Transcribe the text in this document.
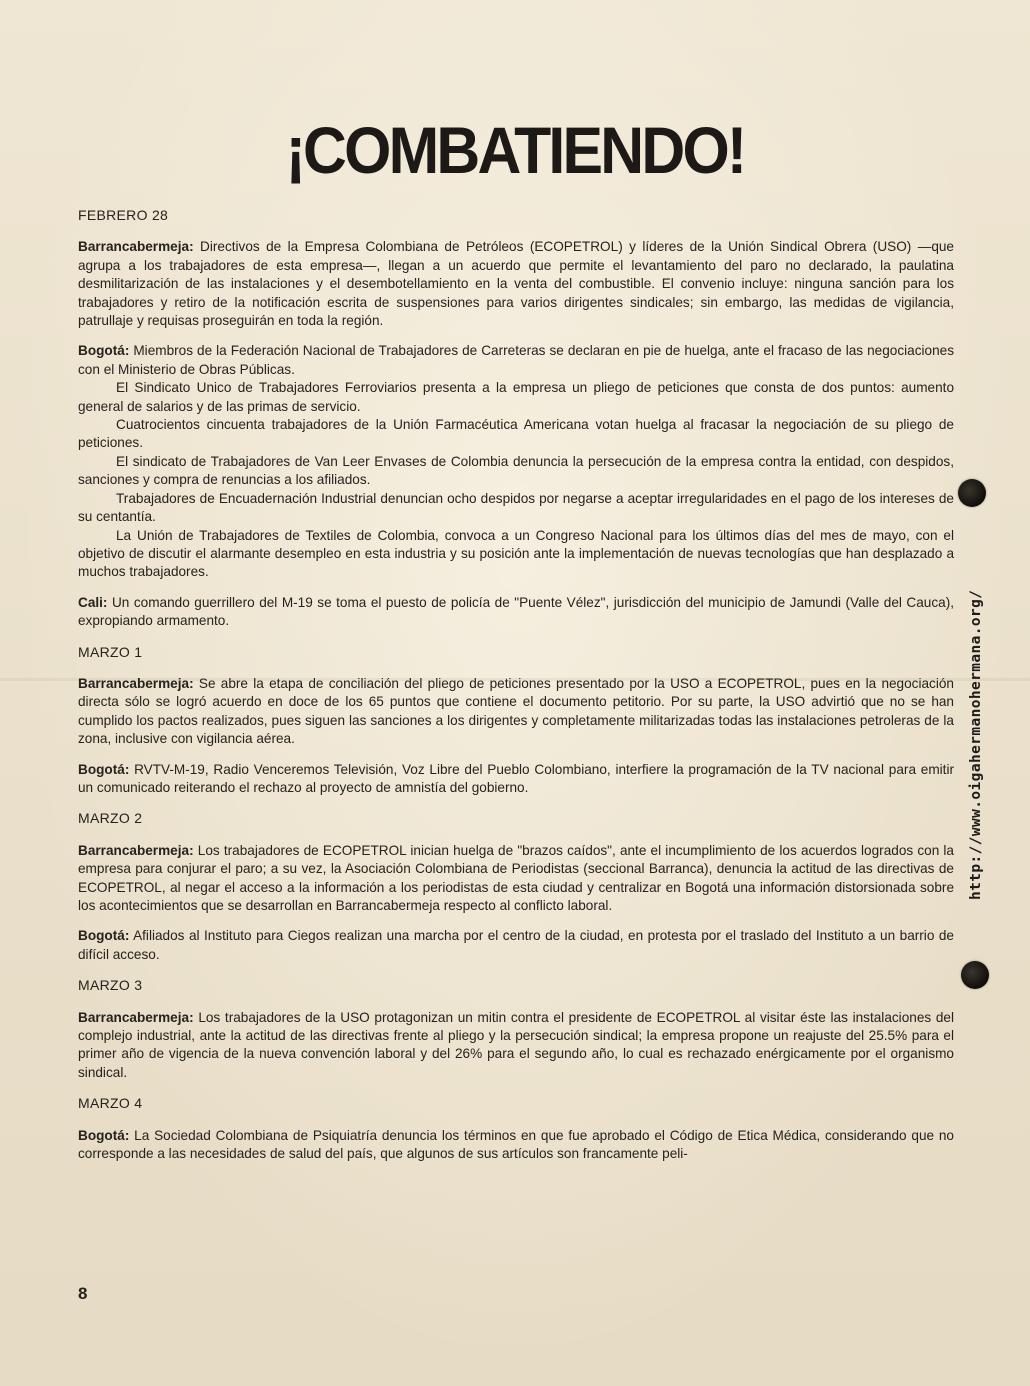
¡COMBATIENDO!
FEBRERO 28

Barrancabermeja: Directivos de la Empresa Colombiana de Petróleos (ECOPETROL) y líderes de la Unión Sindical Obrera (USO) —que agrupa a los trabajadores de esta empresa—, llegan a un acuerdo que permite el levantamiento del paro no declarado, la paulatina desmilitarización de las instalaciones y el desembotellamiento en la venta del combustible. El convenio incluye: ninguna sanción para los trabajadores y retiro de la notificación escrita de suspensiones para varios dirigentes sindicales; sin embargo, las medidas de vigilancia, patrullaje y requisas proseguirán en toda la región.

Bogotá: Miembros de la Federación Nacional de Trabajadores de Carreteras se declaran en pie de huelga, ante el fracaso de las negociaciones con el Ministerio de Obras Públicas.

El Sindicato Unico de Trabajadores Ferroviarios presenta a la empresa un pliego de peticiones que consta de dos puntos: aumento general de salarios y de las primas de servicio.

Cuatrocientos cincuenta trabajadores de la Unión Farmacéutica Americana votan huelga al fracasar la negociación de su pliego de peticiones.

El sindicato de Trabajadores de Van Leer Envases de Colombia denuncia la persecución de la empresa contra la entidad, con despidos, sanciones y compra de renuncias a los afiliados.

Trabajadores de Encuadernación Industrial denuncian ocho despidos por negarse a aceptar irregularidades en el pago de los intereses de su centantía.

La Unión de Trabajadores de Textiles de Colombia, convoca a un Congreso Nacional para los últimos días del mes de mayo, con el objetivo de discutir el alarmante desempleo en esta industria y su posición ante la implementación de nuevas tecnologías que han desplazado a muchos trabajadores.

Cali: Un comando guerrillero del M-19 se toma el puesto de policía de "Puente Vélez", jurisdicción del municipio de Jamundi (Valle del Cauca), expropiando armamento.

MARZO 1

Barrancabermeja: Se abre la etapa de conciliación del pliego de peticiones presentado por la USO a ECOPETROL, pues en la negociación directa sólo se logró acuerdo en doce de los 65 puntos que contiene el documento petitorio. Por su parte, la USO advirtió que no se han cumplido los pactos realizados, pues siguen las sanciones a los dirigentes y completamente militarizadas todas las instalaciones petroleras de la zona, inclusive con vigilancia aérea.

Bogotá: RVTV-M-19, Radio Venceremos Televisión, Voz Libre del Pueblo Colombiano, interfiere la programación de la TV nacional para emitir un comunicado reiterando el rechazo al proyecto de amnistía del gobierno.

MARZO 2

Barrancabermeja: Los trabajadores de ECOPETROL inician huelga de "brazos caídos", ante el incumplimiento de los acuerdos logrados con la empresa para conjurar el paro; a su vez, la Asociación Colombiana de Periodistas (seccional Barranca), denuncia la actitud de las directivas de ECOPETROL, al negar el acceso a la información a los periodistas de esta ciudad y centralizar en Bogotá una información distorsionada sobre los acontecimientos que se desarrollan en Barrancabermeja respecto al conflicto laboral.

Bogotá: Afiliados al Instituto para Ciegos realizan una marcha por el centro de la ciudad, en protesta por el traslado del Instituto a un barrio de difícil acceso.

MARZO 3

Barrancabermeja: Los trabajadores de la USO protagonizan un mitin contra el presidente de ECOPETROL al visitar éste las instalaciones del complejo industrial, ante la actitud de las directivas frente al pliego y la persecución sindical; la empresa propone un reajuste del 25.5% para el primer año de vigencia de la nueva convención laboral y del 26% para el segundo año, lo cual es rechazado enérgicamente por el organismo sindical.

MARZO 4

Bogotá: La Sociedad Colombiana de Psiquiatría denuncia los términos en que fue aprobado el Código de Etica Médica, considerando que no corresponde a las necesidades de salud del país, que algunos de sus artículos son francamente peli-

8
http://www.oigahermanohermana.org/
